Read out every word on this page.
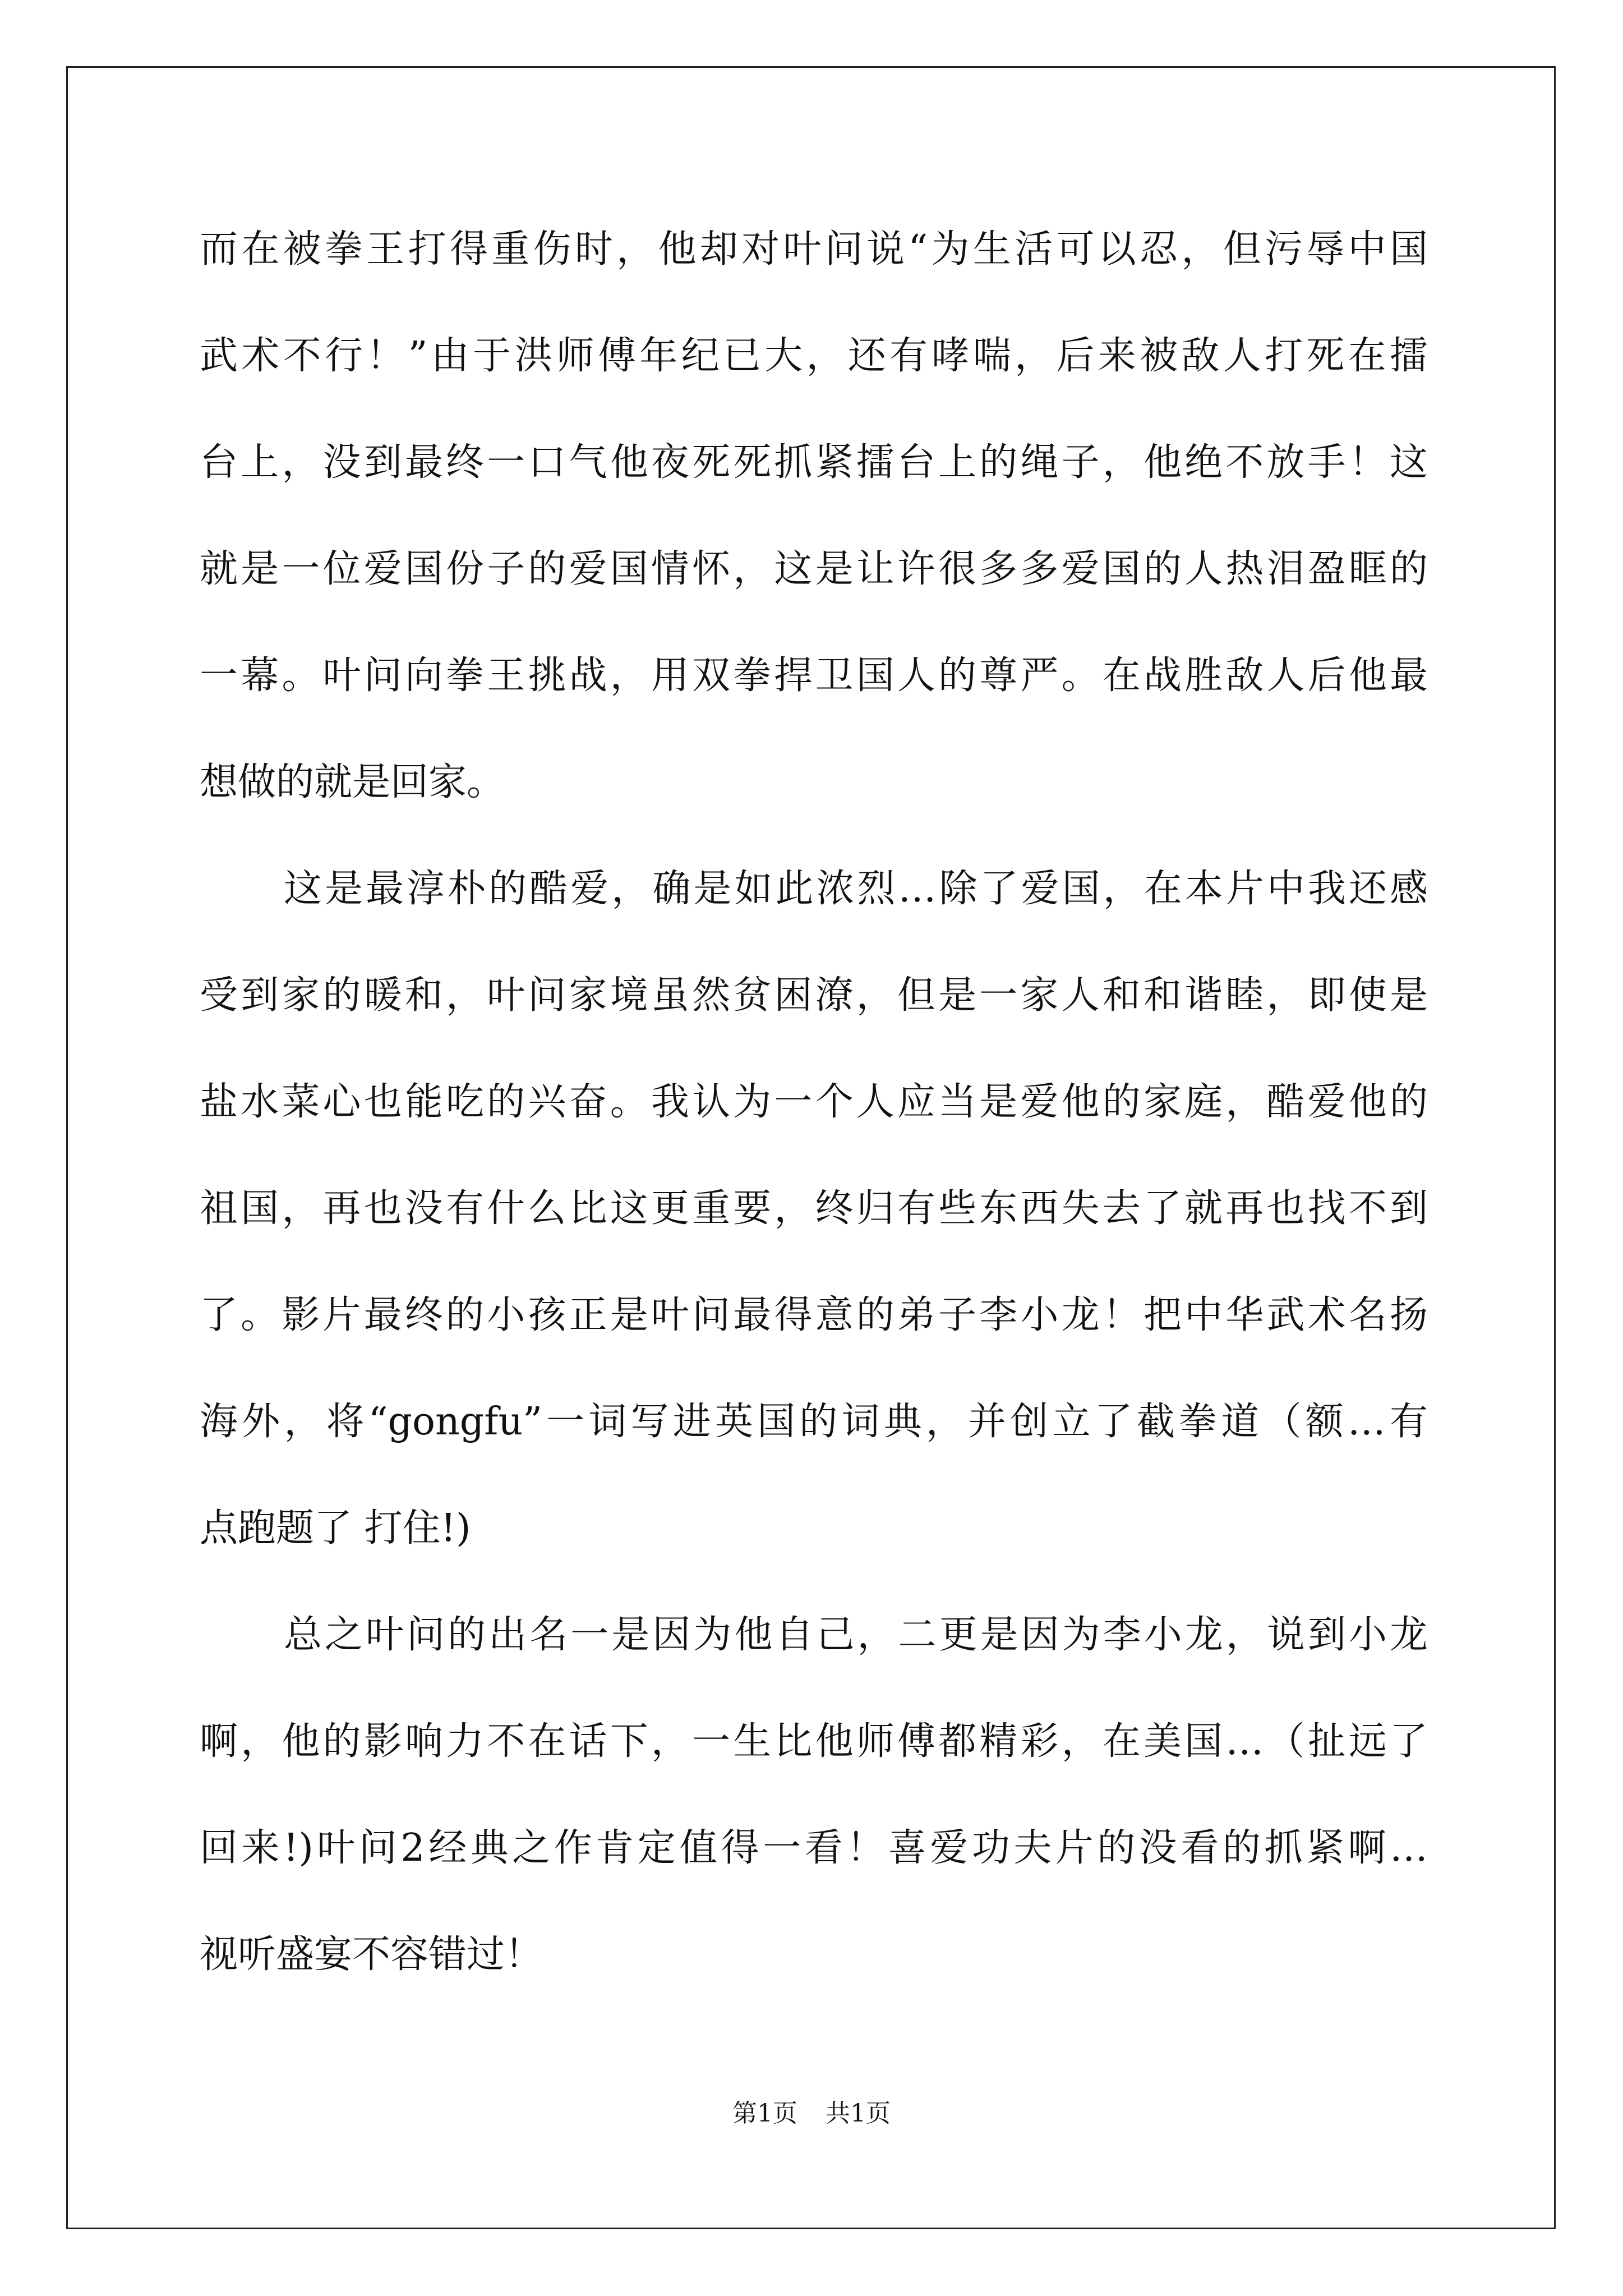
而在被拳王打得重伤时，他却对叶问说“为生活可以忍，但污辱中国
武术不行！”由于洪师傅年纪已大，还有哮喘，后来被敌人打死在擂
台上，没到最终一口气他夜死死抓紧擂台上的绳子，他绝不放手！这
就是一位爱国份子的爱国情怀，这是让许很多多爱国的人热泪盈眶的
一幕。叶问向拳王挑战，用双拳捍卫国人的尊严。在战胜敌人后他最
想做的就是回家。
这是最淳朴的酷爱，确是如此浓烈…除了爱国，在本片中我还感
受到家的暖和，叶问家境虽然贫困潦，但是一家人和和谐睦，即使是
盐水菜心也能吃的兴奋。我认为一个人应当是爱他的家庭，酷爱他的
祖国，再也没有什么比这更重要，终归有些东西失去了就再也找不到
了。影片最终的小孩正是叶问最得意的弟子李小龙！把中华武术名扬
海外，将“gongfu”一词写进英国的词典，并创立了截拳道（额…有
点跑题了 打住!)
总之叶问的出名一是因为他自己，二更是因为李小龙，说到小龙
啊，他的影响力不在话下，一生比他师傅都精彩，在美国…（扯远了
回来!)叶问2经典之作肯定值得一看！喜爱功夫片的没看的抓紧啊…
视听盛宴不容错过！
第1页 共1页
